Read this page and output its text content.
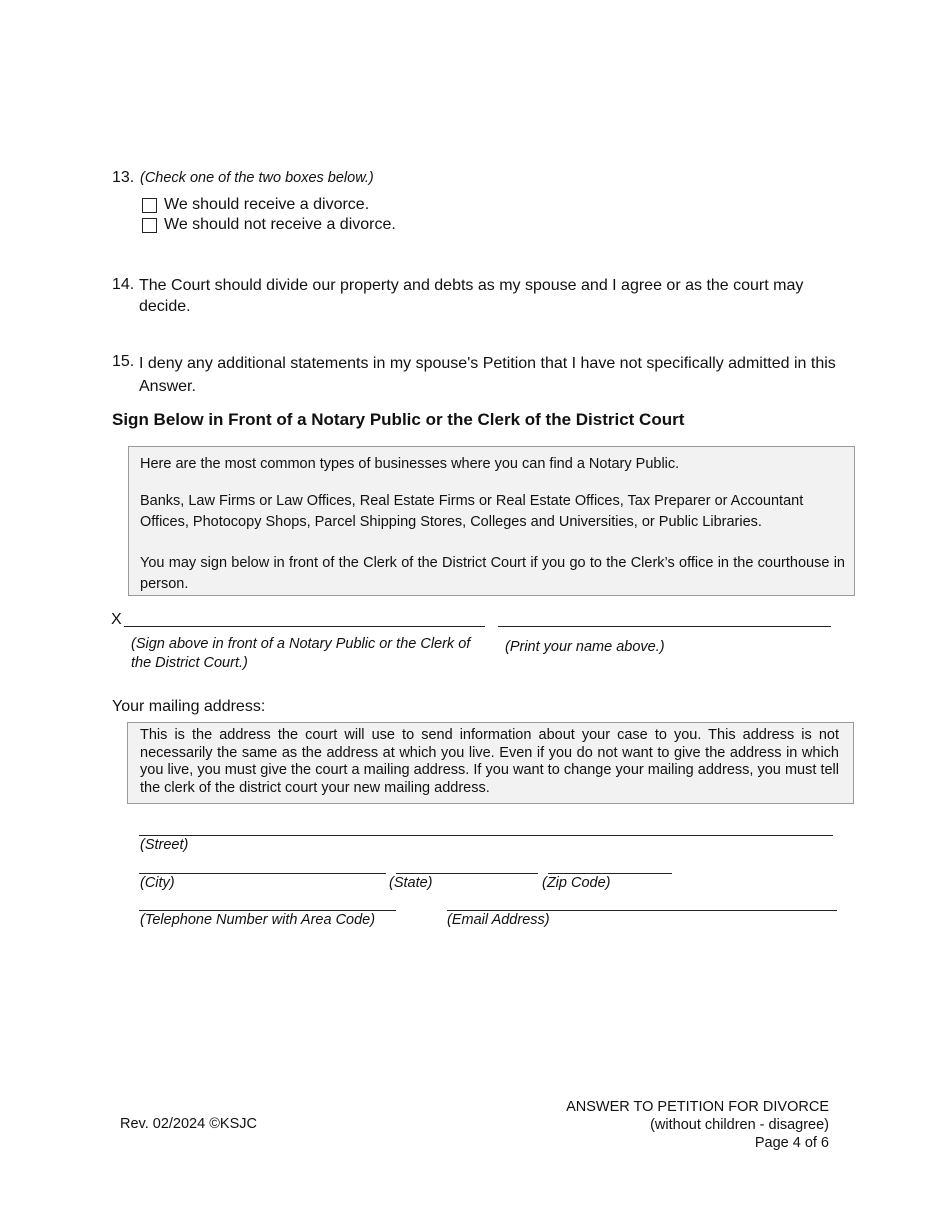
13. (Check one of the two boxes below.)
We should receive a divorce.
We should not receive a divorce.
14. The Court should divide our property and debts as my spouse and I agree or as the court may decide.
15. I deny any additional statements in my spouse's Petition that I have not specifically admitted in this Answer.
Sign Below in Front of a Notary Public or the Clerk of the District Court
Here are the most common types of businesses where you can find a Notary Public.
Banks, Law Firms or Law Offices, Real Estate Firms or Real Estate Offices, Tax Preparer or Accountant Offices, Photocopy Shops, Parcel Shipping Stores, Colleges and Universities, or Public Libraries.
You may sign below in front of the Clerk of the District Court if you go to the Clerk’s office in the courthouse in person.
X
(Sign above in front of a Notary Public or the Clerk of the District Court.)
(Print your name above.)
Your mailing address:
This is the address the court will use to send information about your case to you. This address is not necessarily the same as the address at which you live. Even if you do not want to give the address in which you live, you must give the court a mailing address. If you want to change your mailing address, you must tell the clerk of the district court your new mailing address.
(Street)
(City)	(State)	(Zip Code)
(Telephone Number with Area Code)	(Email Address)
Rev. 02/2024 ©KSJC
ANSWER TO PETITION FOR DIVORCE
(without children - disagree)
Page 4 of 6
